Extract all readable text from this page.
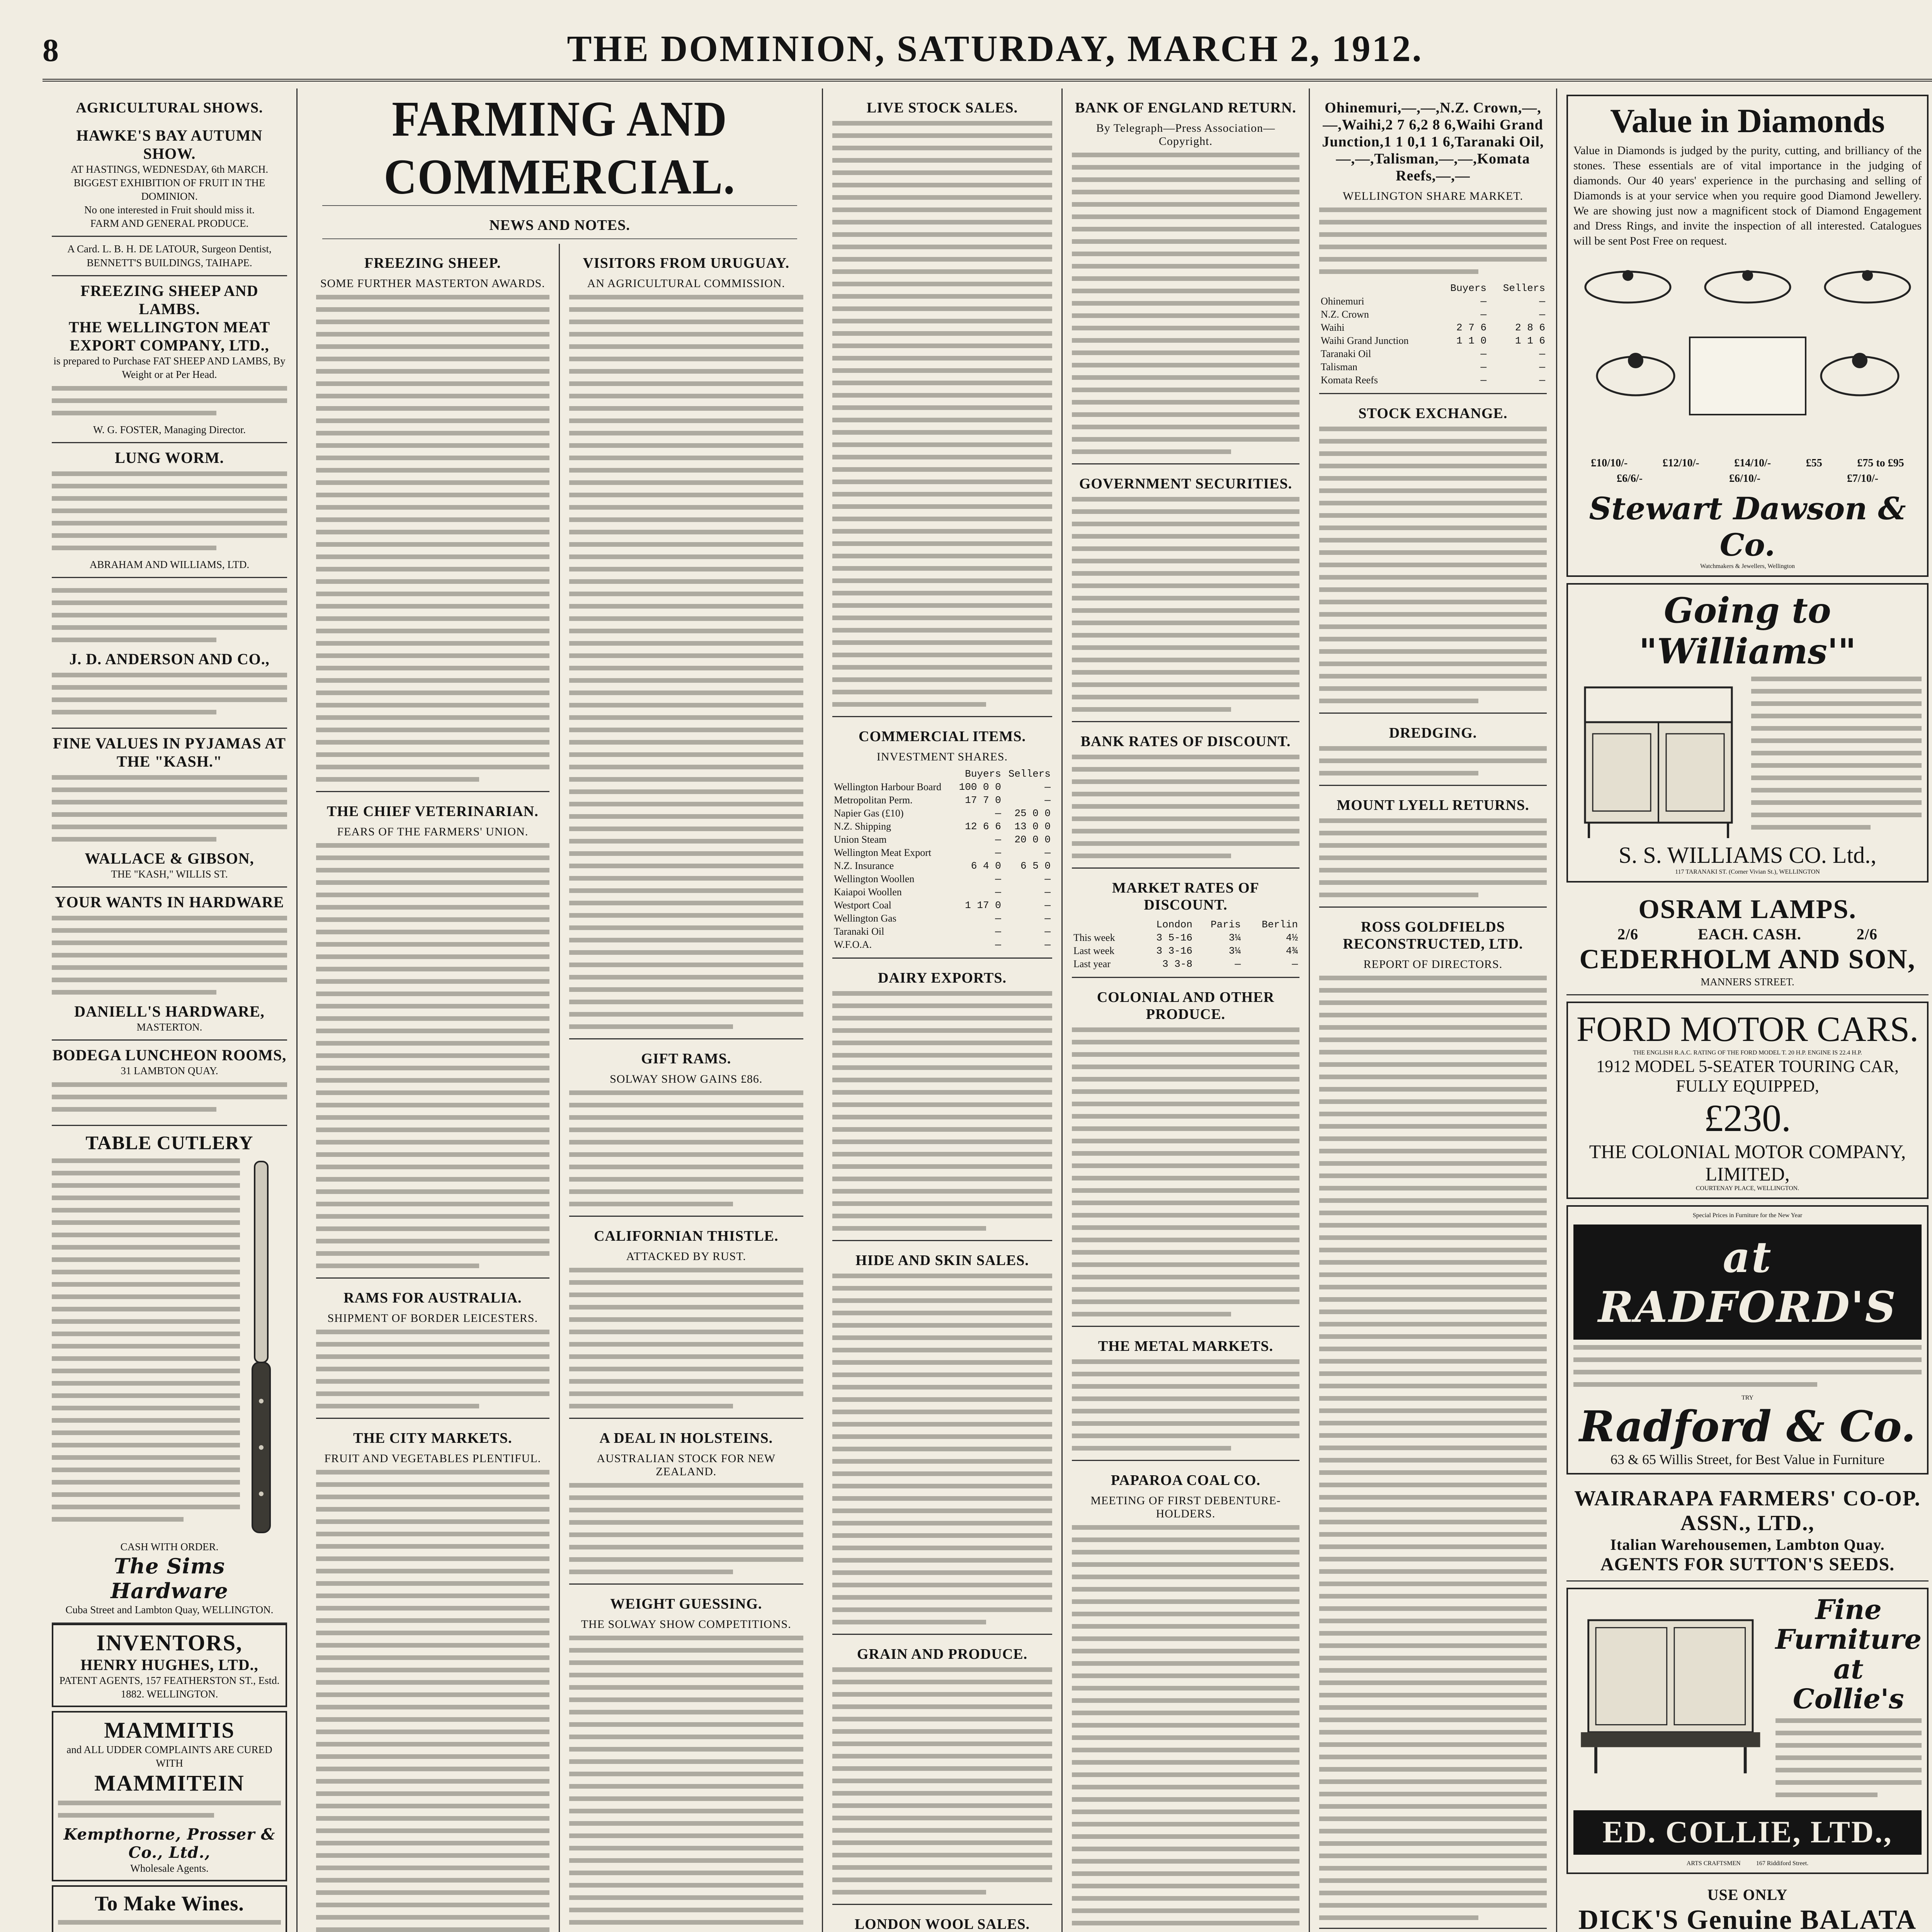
8	THE DOMINION, SATURDAY, MARCH 2, 1912.
AGRICULTURAL SHOWS.
HAWKE'S BAY AUTUMN SHOW.
AT HASTINGS, WEDNESDAY, 6th MARCH. BIGGEST EXHIBITION OF FRUIT IN THE DOMINION.
No one interested in Fruit should miss it.
FARM AND GENERAL PRODUCE.
A Card. L. B. H. DE LATOUR, Surgeon Dentist, BENNETT'S BUILDINGS, TAIHAPE.
FREEZING SHEEP AND LAMBS.
THE WELLINGTON MEAT EXPORT COMPANY, LTD.,
is prepared to Purchase FAT SHEEP AND LAMBS, By Weight or at Per Head.
W. G. FOSTER, Managing Director.
LUNG WORM.
ABRAHAM AND WILLIAMS, LTD.
J. D. ANDERSON AND CO.,
FINE VALUES IN PYJAMAS AT THE "KASH."
WALLACE & GIBSON,
THE "KASH," WILLIS ST.
YOUR WANTS IN HARDWARE
DANIELL'S HARDWARE,
MASTERTON.
BODEGA LUNCHEON ROOMS,
31 LAMBTON QUAY.
TABLE CUTLERY
CASH WITH ORDER.
The Sims Hardware
Cuba Street and Lambton Quay, WELLINGTON.
INVENTORS,
HENRY HUGHES, LTD.,
PATENT AGENTS, 157 FEATHERSTON ST., Estd. 1882. WELLINGTON.
MAMMITIS
and ALL UDDER COMPLAINTS ARE CURED WITH
MAMMITEIN
Kempthorne, Prosser & Co., Ltd.,
Wholesale Agents.
To Make Wines.
FARMING AND COMMERCIAL.
NEWS AND NOTES.
FREEZING SHEEP.
SOME FURTHER MASTERTON AWARDS.
THE CHIEF VETERINARIAN.
FEARS OF THE FARMERS' UNION.
RAMS FOR AUSTRALIA.
SHIPMENT OF BORDER LEICESTERS.
THE CITY MARKETS.
FRUIT AND VEGETABLES PLENTIFUL.
VISITORS FROM URUGUAY.
AN AGRICULTURAL COMMISSION.
GIFT RAMS.
SOLWAY SHOW GAINS £86.
CALIFORNIAN THISTLE.
ATTACKED BY RUST.
A DEAL IN HOLSTEINS.
AUSTRALIAN STOCK FOR NEW ZEALAND.
WEIGHT GUESSING.
THE SOLWAY SHOW COMPETITIONS.
LIVE STOCK SALES.
COMMERCIAL ITEMS.
INVESTMENT SHARES.
	Buyers	Sellers
Wellington Harbour Board	100 0 0	—
Metropolitan Perm.	17 7 0	—
Napier Gas (£10)	—	25 0 0
N.Z. Shipping	12 6 6	13 0 0
Union Steam	—	20 0 0
Wellington Meat Export	—	—
N.Z. Insurance	6 4 0	6 5 0
Wellington Woollen	—	—
Kaiapoi Woollen	—	—
Westport Coal	1 17 0	—
Wellington Gas	—	—
Taranaki Oil	—	—
W.F.O.A.	—	—
DAIRY EXPORTS.
HIDE AND SKIN SALES.
GRAIN AND PRODUCE.
LONDON WOOL SALES.
BANK OF ENGLAND RETURN.
By Telegraph—Press Association—Copyright.
GOVERNMENT SECURITIES.
BANK RATES OF DISCOUNT.
MARKET RATES OF DISCOUNT.
	London	Paris	Berlin
This week	3 5-16	3¼	4½
Last week	3 3-16	3¼	4¾
Last year	3 3-8	—	—
COLONIAL AND OTHER PRODUCE.
THE METAL MARKETS.
PAPAROA COAL CO.
MEETING OF FIRST DEBENTURE-HOLDERS.
Ohinemuri,—,—,N.Z. Crown,—,—,Waihi,2 7 6,2 8 6,Waihi Grand Junction,1 1 0,1 1 6,Taranaki Oil,—,—,Talisman,—,—,Komata Reefs,—,—
WELLINGTON SHARE MARKET.
	Buyers	Sellers
Ohinemuri	—	—
N.Z. Crown	—	—
Waihi	2 7 6	2 8 6
Waihi Grand Junction	1 1 0	1 1 6
Taranaki Oil	—	—
Talisman	—	—
Komata Reefs	—	—
STOCK EXCHANGE.
DREDGING.
MOUNT LYELL RETURNS.
ROSS GOLDFIELDS RECONSTRUCTED, LTD.
REPORT OF DIRECTORS.
Value in Diamonds
Value in Diamonds is judged by the purity, cutting, and brilliancy of the stones. These essentials are of vital importance in the judging of diamonds. Our 40 years' experience in the purchasing and selling of Diamonds is at your service when you require good Diamond Jewellery. We are showing just now a magnificent stock of Diamond Engagement and Dress Rings, and invite the inspection of all interested. Catalogues will be sent Post Free on request.
£10/10/-	£12/10/-	£14/10/-	£55	£75 to £95
£6/6/-	£6/10/-	£7/10/-
Stewart Dawson & Co.
Watchmakers & Jewellers, Wellington
Going to "Williams'"
S. S. WILLIAMS CO. Ltd.,
117 TARANAKI ST. (Corner Vivian St.), WELLINGTON
OSRAM LAMPS.
2/6              EACH. CASH.             2/6
CEDERHOLM AND SON,
MANNERS STREET.
FORD MOTOR CARS.
THE ENGLISH R.A.C. RATING OF THE FORD MODEL T. 20 H.P. ENGINE IS 22.4 H.P.
1912 MODEL 5-SEATER TOURING CAR, FULLY EQUIPPED,
£230.
THE COLONIAL MOTOR COMPANY, LIMITED,
COURTENAY PLACE, WELLINGTON.
Special Prices in Furniture for the New Year
at RADFORD'S
TRY
Radford & Co.
63 & 65 Willis Street, for Best Value in Furniture
WAIRARAPA FARMERS' CO-OP. ASSN., LTD.,
Italian Warehousemen, Lambton Quay.
AGENTS FOR SUTTON'S SEEDS.
Fine Furniture at Collie's
ED. COLLIE, LTD.,
ARTS CRAFTSMEN          167 Riddiford Street.
USE ONLY
DICK'S Genuine BALATA
